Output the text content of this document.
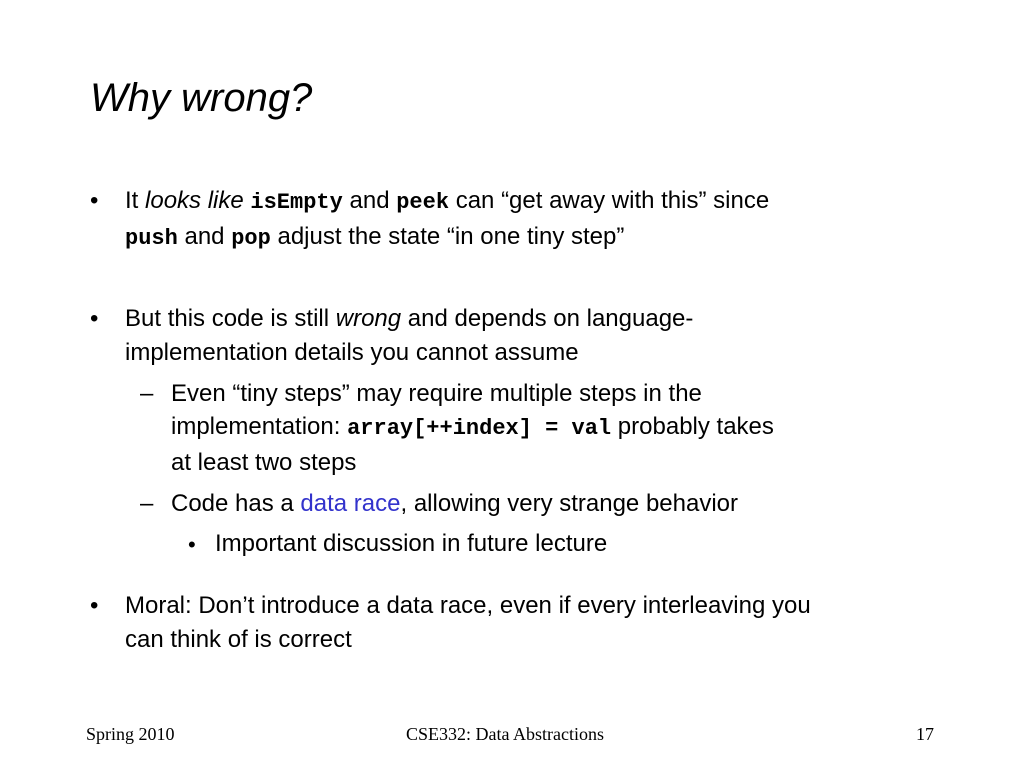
Why wrong?
•	It looks like isEmpty and peek can “get away with this” since
push and pop adjust the state “in one tiny step”
•	But this code is still wrong and depends on language-
implementation details you cannot assume
– Even “tiny steps” may require multiple steps in the
implementation: array[++index] = val probably takes
at least two steps
– Code has a data race, allowing very strange behavior
• Important discussion in future lecture
•	Moral: Don’t introduce a data race, even if every interleaving you
can think of is correct
Spring 2010	CSE332: Data Abstractions	17
